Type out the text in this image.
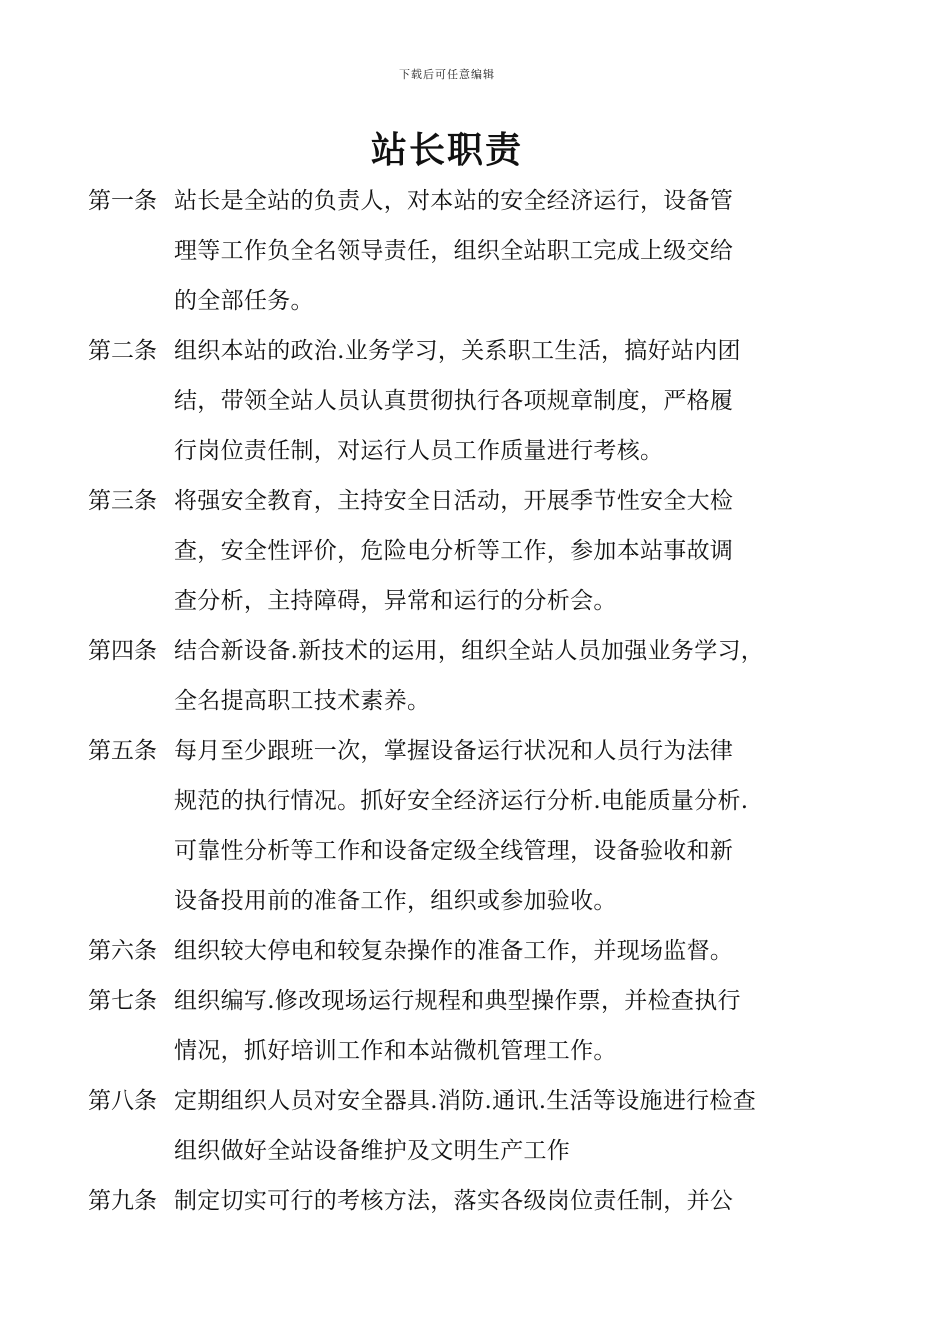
下载后可任意编辑
站长职责
第一条 站长是全站的负责人，对本站的安全经济运行，设备管
理等工作负全名领导责任，组织全站职工完成上级交给
的全部任务。
第二条 组织本站的政治.业务学习，关系职工生活，搞好站内团
结，带领全站人员认真贯彻执行各项规章制度，严格履
行岗位责任制，对运行人员工作质量进行考核。
第三条 将强安全教育，主持安全日活动，开展季节性安全大检
查，安全性评价，危险电分析等工作，参加本站事故调
查分析，主持障碍，异常和运行的分析会。
第四条 结合新设备.新技术的运用，组织全站人员加强业务学习，
全名提高职工技术素养。
第五条 每月至少跟班一次，掌握设备运行状况和人员行为法律
规范的执行情况。抓好安全经济运行分析.电能质量分析.
可靠性分析等工作和设备定级全线管理，设备验收和新
设备投用前的准备工作，组织或参加验收。
第六条 组织较大停电和较复杂操作的准备工作，并现场监督。
第七条 组织编写.修改现场运行规程和典型操作票，并检查执行
情况，抓好培训工作和本站微机管理工作。
第八条 定期组织人员对安全器具.消防.通讯.生活等设施进行检查
组织做好全站设备维护及文明生产工作
第九条 制定切实可行的考核方法，落实各级岗位责任制，并公
